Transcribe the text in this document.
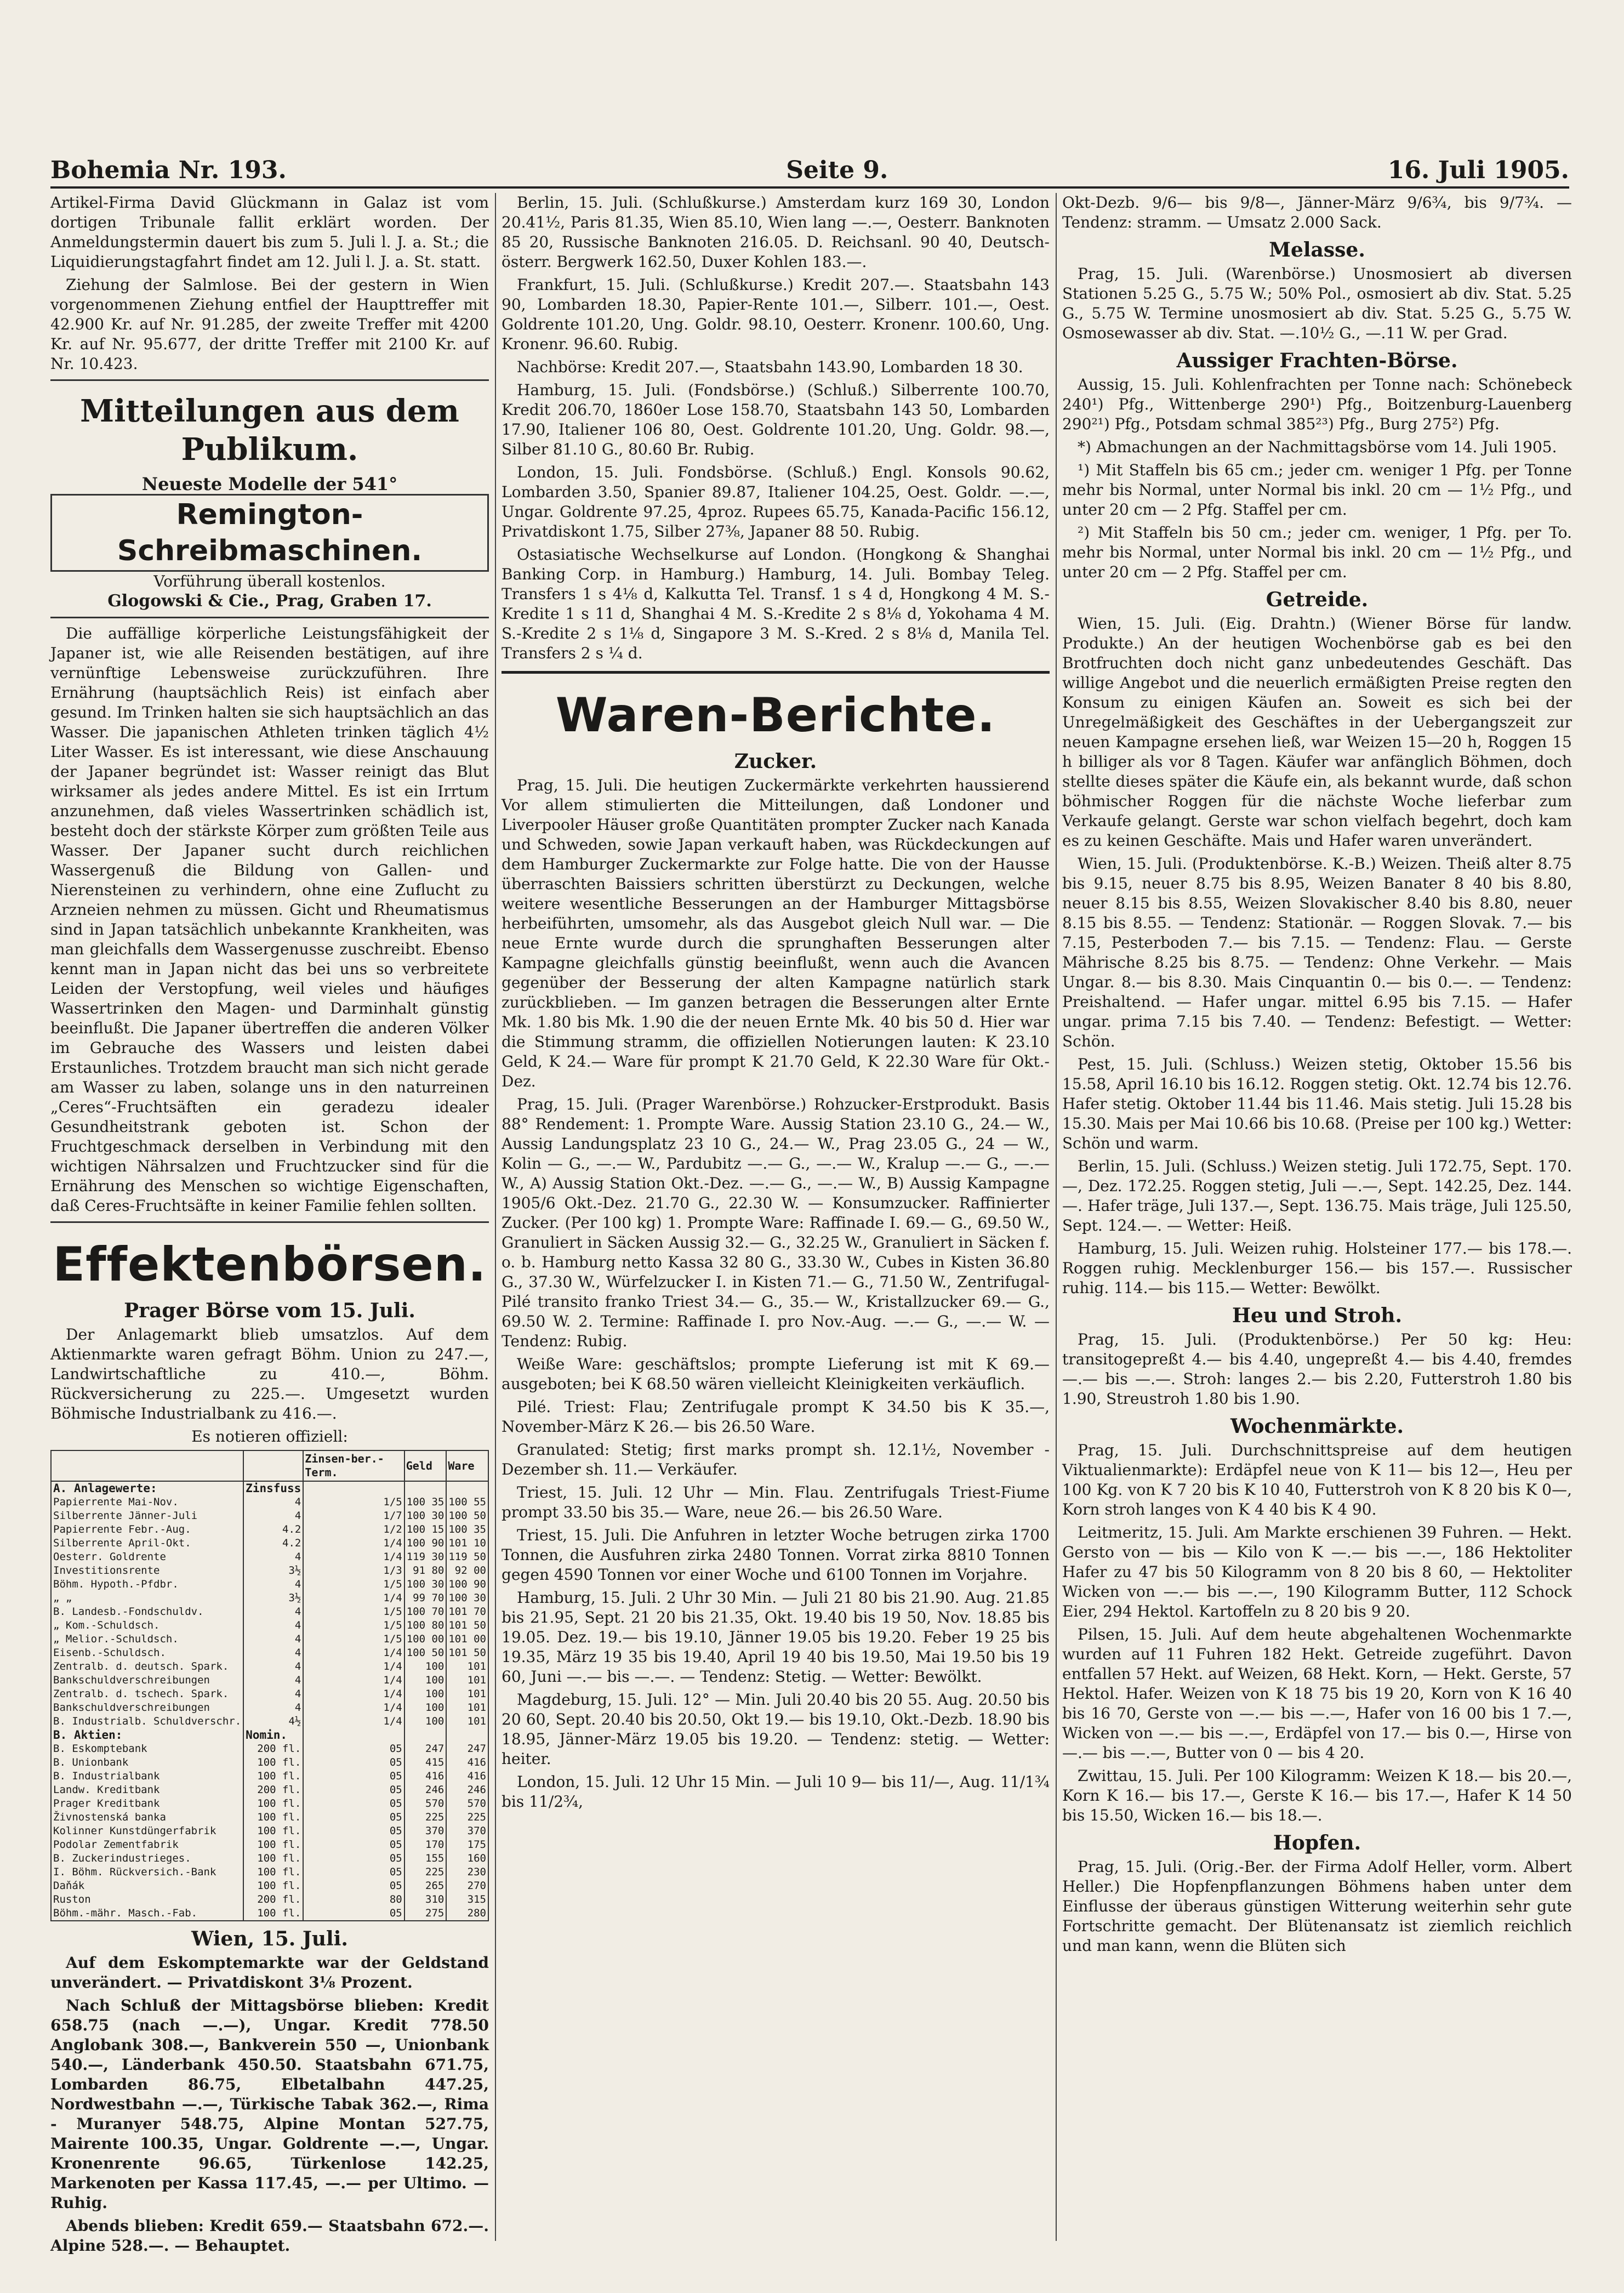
Bohemia Nr. 193.	Seite 9.	16. Juli 1905.

Artikel-Firma David Glückmann in Galaz ist vom dortigen Tribunale fallit erklärt worden. Der Anmeldungstermin dauert bis zum 5. Juli l. J. a. St.; die Liquidierungstagfahrt findet am 12. Juli l. J. a. St. statt.

Ziehung der Salmlose. Bei der gestern in Wien vorgenommenen Ziehung entfiel der Haupttreffer mit 42.900 Kr. auf Nr. 91.285, der zweite Treffer mit 4200 Kr. auf Nr. 95.677, der dritte Treffer mit 2100 Kr. auf Nr. 10.423.

Mitteilungen aus dem Publikum.
Neueste Modelle der 541°
Remington-Schreibmaschinen.
Vorführung überall kostenlos.
Glogowski & Cie., Prag, Graben 17.

Die auffällige körperliche Leistungsfähigkeit der Japaner ist, wie alle Reisenden bestätigen, auf ihre vernünftige Lebensweise zurückzuführen. Ihre Ernährung (hauptsächlich Reis) ist einfach aber gesund. Im Trinken halten sie sich hauptsächlich an das Wasser. Die japanischen Athleten trinken täglich 4½ Liter Wasser. Es ist interessant, wie diese Anschauung der Japaner begründet ist: Wasser reinigt das Blut wirksamer als jedes andere Mittel. Es ist ein Irrtum anzunehmen, daß vieles Wassertrinken schädlich ist, besteht doch der stärkste Körper zum größten Teile aus Wasser. Der Japaner sucht durch reichlichen Wassergenuß die Bildung von Gallen- und Nierensteinen zu verhindern, ohne eine Zuflucht zu Arzneien nehmen zu müssen. Gicht und Rheumatismus sind in Japan tatsächlich unbekannte Krankheiten, was man gleichfalls dem Wassergenusse zuschreibt. Ebenso kennt man in Japan nicht das bei uns so verbreitete Leiden der Verstopfung, weil vieles und häufiges Wassertrinken den Magen- und Darminhalt günstig beeinflußt. Die Japaner übertreffen die anderen Völker im Gebrauche des Wassers und leisten dabei Erstaunliches. Trotzdem braucht man sich nicht gerade am Wasser zu laben, solange uns in den naturreinen „Ceres“-Fruchtsäften ein geradezu idealer Gesundheitstrank geboten ist. Schon der Fruchtgeschmack derselben in Verbindung mit den wichtigen Nährsalzen und Fruchtzucker sind für die Ernährung des Menschen so wichtige Eigenschaften, daß Ceres-Fruchtsäfte in keiner Familie fehlen sollten.

Effektenbörsen.
Prager Börse vom 15. Juli.

Der Anlagemarkt blieb umsatzlos. Auf dem Aktienmarkte waren gefragt Böhm. Union zu 247.—, Landwirtschaftliche zu 410.—, Böhm. Rückversicherung zu 225.—. Umgesetzt wurden Böhmische Industrialbank zu 416.—.

Es notieren offiziell:
		Zinsen-ber.-Term.	Geld	Ware
A. Anlagewerte:	Zinsfuss			
Papierrente Mai-Nov.	4	1/5	100 35	100 55
Silberrente Jänner-Juli	4	1/7	100 30	100 50
Papierrente Febr.-Aug.	4.2	1/2	100 15	100 35
Silberrente April-Okt.	4.2	1/4	100 90	101 10
Oesterr. Goldrente	4	1/4	119 30	119 50
Investitionsrente	3½	1/3	91 80	92 00
Böhm. Hypoth.-Pfdbr.	4	1/5	100 30	100 90
„ „	3½	1/4	99 70	100 30
B. Landesb.-Fondschuldv.	4	1/5	100 70	101 70
„ Kom.-Schuldsch.	4	1/5	100 80	101 50
„ Melior.-Schuldsch.	4	1/5	100 00	101 00
Eisenb.-Schuldsch.	4	1/4	100 50	101 50
Zentralb. d. deutsch. Spark.	4	1/4	100	101
Bankschuldverschreibungen	4	1/4	100	101
Zentralb. d. tschech. Spark.	4	1/4	100	101
Bankschuldverschreibungen	4	1/4	100	101
B. Industrialb. Schuldverschr.	4½	1/4	100	101
B. Aktien:	Nomin.			
B. Eskomptebank	200 fl.	05	247	247
B. Unionbank	100 fl.	05	415	416
B. Industrialbank	100 fl.	05	416	416
Landw. Kreditbank	200 fl.	05	246	246
Prager Kreditbank	100 fl.	05	570	570
Živnostenská banka	100 fl.	05	225	225
Kolinner Kunstdüngerfabrik	100 fl.	05	370	370
Podolar Zementfabrik	100 fl.	05	170	175
B. Zuckerindustrieges.	100 fl.	05	155	160
I. Böhm. Rückversich.-Bank	100 fl.	05	225	230
Daňák	100 fl.	05	265	270
Ruston	200 fl.	80	310	315
Böhm.-mähr. Masch.-Fab.	100 fl.	05	275	280
Wien, 15. Juli.

Auf dem Eskomptemarkte war der Geldstand unverändert. — Privatdiskont 3⅛ Prozent.

Nach Schluß der Mittagsbörse blieben: Kredit 658.75 (nach —.—), Ungar. Kredit 778.50 Anglobank 308.—, Bankverein 550 —, Unionbank 540.—, Länderbank 450.50. Staatsbahn 671.75, Lombarden 86.75, Elbetalbahn 447.25, Nordwestbahn —.—, Türkische Tabak 362.—, Rima - Muranyer 548.75, Alpine Montan 527.75, Mairente 100.35, Ungar. Goldrente —.—, Ungar. Kronenrente 96.65, Türkenlose 142.25, Markenoten per Kassa 117.45, —.— per Ultimo. — Ruhig.

Abends blieben: Kredit 659.— Staatsbahn 672.—. Alpine 528.—. — Behauptet.

Berlin, 15. Juli. (Schlußkurse.) Amsterdam kurz 169 30, London 20.41½, Paris 81.35, Wien 85.10, Wien lang —.—, Oesterr. Banknoten 85 20, Russische Banknoten 216.05. D. Reichsanl. 90 40, Deutsch-österr. Bergwerk 162.50, Duxer Kohlen 183.—.

Frankfurt, 15. Juli. (Schlußkurse.) Kredit 207.—. Staatsbahn 143 90, Lombarden 18.30, Papier-Rente 101.—, Silberr. 101.—, Oest. Goldrente 101.20, Ung. Goldr. 98.10, Oesterr. Kronenr. 100.60, Ung. Kronenr. 96.60. Rubig.

Nachbörse: Kredit 207.—, Staatsbahn 143.90, Lombarden 18 30.

Hamburg, 15. Juli. (Fondsbörse.) (Schluß.) Silberrente 100.70, Kredit 206.70, 1860er Lose 158.70, Staatsbahn 143 50, Lombarden 17.90, Italiener 106 80, Oest. Goldrente 101.20, Ung. Goldr. 98.—, Silber 81.10 G., 80.60 Br. Rubig.

London, 15. Juli. Fondsbörse. (Schluß.) Engl. Konsols 90.62, Lombarden 3.50, Spanier 89.87, Italiener 104.25, Oest. Goldr. —.—, Ungar. Goldrente 97.25, 4proz. Rupees 65.75, Kanada-Pacific 156.12, Privatdiskont 1.75, Silber 27⅜, Japaner 88 50. Rubig.

Ostasiatische Wechselkurse auf London. (Hongkong & Shanghai Banking Corp. in Hamburg.) Hamburg, 14. Juli. Bombay Teleg. Transfers 1 s 4⅛ d, Kalkutta Tel. Transf. 1 s 4 d, Hongkong 4 M. S.-Kredite 1 s 11 d, Shanghai 4 M. S.-Kredite 2 s 8⅛ d, Yokohama 4 M. S.-Kredite 2 s 1⅛ d, Singapore 3 M. S.-Kred. 2 s 8⅛ d, Manila Tel. Transfers 2 s ¼ d.

Waren-Berichte.
Zucker.

Prag, 15. Juli. Die heutigen Zuckermärkte verkehrten haussierend Vor allem stimulierten die Mitteilungen, daß Londoner und Liverpooler Häuser große Quantitäten prompter Zucker nach Kanada und Schweden, sowie Japan verkauft haben, was Rückdeckungen auf dem Hamburger Zuckermarkte zur Folge hatte. Die von der Hausse überraschten Baissiers schritten überstürzt zu Deckungen, welche weitere wesentliche Besserungen an der Hamburger Mittagsbörse herbeiführten, umsomehr, als das Ausgebot gleich Null war. — Die neue Ernte wurde durch die sprunghaften Besserungen alter Kampagne gleichfalls günstig beeinflußt, wenn auch die Avancen gegenüber der Besserung der alten Kampagne natürlich stark zurückblieben. — Im ganzen betragen die Besserungen alter Ernte Mk. 1.80 bis Mk. 1.90 die der neuen Ernte Mk. 40 bis 50 d. Hier war die Stimmung stramm, die offiziellen Notierungen lauten: K 23.10 Geld, K 24.— Ware für prompt K 21.70 Geld, K 22.30 Ware für Okt.-Dez.

Prag, 15. Juli. (Prager Warenbörse.) Rohzucker-Erstprodukt. Basis 88° Rendement: 1. Prompte Ware. Aussig Station 23.10 G., 24.— W., Aussig Landungsplatz 23 10 G., 24.— W., Prag 23.05 G., 24 — W., Kolin — G., —.— W., Pardubitz —.— G., —.— W., Kralup —.— G., —.— W., A) Aussig Station Okt.-Dez. —.— G., —.— W., B) Aussig Kampagne 1905/6 Okt.-Dez. 21.70 G., 22.30 W. — Konsumzucker. Raffinierter Zucker. (Per 100 kg) 1. Prompte Ware: Raffinade I. 69.— G., 69.50 W., Granuliert in Säcken Aussig 32.— G., 32.25 W., Granuliert in Säcken f. o. b. Hamburg netto Kassa 32 80 G., 33.30 W., Cubes in Kisten 36.80 G., 37.30 W., Würfelzucker I. in Kisten 71.— G., 71.50 W., Zentrifugal-Pilé transito franko Triest 34.— G., 35.— W., Kristallzucker 69.— G., 69.50 W. 2. Termine: Raffinade I. pro Nov.-Aug. —.— G., —.— W. — Tendenz: Rubig.

Weiße Ware: geschäftslos; prompte Lieferung ist mit K 69.— ausgeboten; bei K 68.50 wären vielleicht Kleinigkeiten verkäuflich.

Pilé. Triest: Flau; Zentrifugale prompt K 34.50 bis K 35.—, November-März K 26.— bis 26.50 Ware.

Granulated: Stetig; first marks prompt sh. 12.1½, November - Dezember sh. 11.— Verkäufer.

Triest, 15. Juli. 12 Uhr — Min. Flau. Zentrifugals Triest-Fiume prompt 33.50 bis 35.— Ware, neue 26.— bis 26.50 Ware.

Triest, 15. Juli. Die Anfuhren in letzter Woche betrugen zirka 1700 Tonnen, die Ausfuhren zirka 2480 Tonnen. Vorrat zirka 8810 Tonnen gegen 4590 Tonnen vor einer Woche und 6100 Tonnen im Vorjahre.

Hamburg, 15. Juli. 2 Uhr 30 Min. — Juli 21 80 bis 21.90. Aug. 21.85 bis 21.95, Sept. 21 20 bis 21.35, Okt. 19.40 bis 19 50, Nov. 18.85 bis 19.05. Dez. 19.— bis 19.10, Jänner 19.05 bis 19.20. Feber 19 25 bis 19.35, März 19 35 bis 19.40, April 19 40 bis 19.50, Mai 19.50 bis 19 60, Juni —.— bis —.—. — Tendenz: Stetig. — Wetter: Bewölkt.

Magdeburg, 15. Juli. 12° — Min. Juli 20.40 bis 20 55. Aug. 20.50 bis 20 60, Sept. 20.40 bis 20.50, Okt 19.— bis 19.10, Okt.-Dezb. 18.90 bis 18.95, Jänner-März 19.05 bis 19.20. — Tendenz: stetig. — Wetter: heiter.

London, 15. Juli. 12 Uhr 15 Min. — Juli 10 9— bis 11/—, Aug. 11/1¾ bis 11/2¾,

Okt-Dezb. 9/6— bis 9/8—, Jänner-März 9/6¾, bis 9/7¾. — Tendenz: stramm. — Umsatz 2.000 Sack.

Melasse.

Prag, 15. Juli. (Warenbörse.) Unosmosiert ab diversen Stationen 5.25 G., 5.75 W.; 50% Pol., osmosiert ab div. Stat. 5.25 G., 5.75 W. Termine unosmosiert ab div. Stat. 5.25 G., 5.75 W. Osmosewasser ab div. Stat. —.10½ G., —.11 W. per Grad.

Aussiger Frachten-Börse.

Aussig, 15. Juli. Kohlenfrachten per Tonne nach: Schönebeck 240¹) Pfg., Wittenberge 290¹) Pfg., Boitzenburg-Lauenberg 290²¹) Pfg., Potsdam schmal 385²³) Pfg., Burg 275²) Pfg.

*) Abmachungen an der Nachmittagsbörse vom 14. Juli 1905.

¹) Mit Staffeln bis 65 cm.; jeder cm. weniger 1 Pfg. per Tonne mehr bis Normal, unter Normal bis inkl. 20 cm — 1½ Pfg., und unter 20 cm — 2 Pfg. Staffel per cm.

²) Mit Staffeln bis 50 cm.; jeder cm. weniger, 1 Pfg. per To. mehr bis Normal, unter Normal bis inkl. 20 cm — 1½ Pfg., und unter 20 cm — 2 Pfg. Staffel per cm.

Getreide.

Wien, 15. Juli. (Eig. Drahtn.) (Wiener Börse für landw. Produkte.) An der heutigen Wochenbörse gab es bei den Brotfruchten doch nicht ganz unbedeutendes Geschäft. Das willige Angebot und die neuerlich ermäßigten Preise regten den Konsum zu einigen Käufen an. Soweit es sich bei der Unregelmäßigkeit des Geschäftes in der Uebergangszeit zur neuen Kampagne ersehen ließ, war Weizen 15—20 h, Roggen 15 h billiger als vor 8 Tagen. Käufer war anfänglich Böhmen, doch stellte dieses später die Käufe ein, als bekannt wurde, daß schon böhmischer Roggen für die nächste Woche lieferbar zum Verkaufe gelangt. Gerste war schon vielfach begehrt, doch kam es zu keinen Geschäfte. Mais und Hafer waren unverändert.

Wien, 15. Juli. (Produktenbörse. K.-B.) Weizen. Theiß alter 8.75 bis 9.15, neuer 8.75 bis 8.95, Weizen Banater 8 40 bis 8.80, neuer 8.15 bis 8.55, Weizen Slovakischer 8.40 bis 8.80, neuer 8.15 bis 8.55. — Tendenz: Stationär. — Roggen Slovak. 7.— bis 7.15, Pesterboden 7.— bis 7.15. — Tendenz: Flau. — Gerste Mährische 8.25 bis 8.75. — Tendenz: Ohne Verkehr. — Mais Ungar. 8.— bis 8.30. Mais Cinquantin 0.— bis 0.—. — Tendenz: Preishaltend. — Hafer ungar. mittel 6.95 bis 7.15. — Hafer ungar. prima 7.15 bis 7.40. — Tendenz: Befestigt. — Wetter: Schön.

Pest, 15. Juli. (Schluss.) Weizen stetig, Oktober 15.56 bis 15.58, April 16.10 bis 16.12. Roggen stetig. Okt. 12.74 bis 12.76. Hafer stetig. Oktober 11.44 bis 11.46. Mais stetig. Juli 15.28 bis 15.30. Mais per Mai 10.66 bis 10.68. (Preise per 100 kg.) Wetter: Schön und warm.

Berlin, 15. Juli. (Schluss.) Weizen stetig. Juli 172.75, Sept. 170.—, Dez. 172.25. Roggen stetig, Juli —.—, Sept. 142.25, Dez. 144.—. Hafer träge, Juli 137.—, Sept. 136.75. Mais träge, Juli 125.50, Sept. 124.—. — Wetter: Heiß.

Hamburg, 15. Juli. Weizen ruhig. Holsteiner 177.— bis 178.—. Roggen ruhig. Mecklenburger 156.— bis 157.—. Russischer ruhig. 114.— bis 115.— Wetter: Bewölkt.

Heu und Stroh.

Prag, 15. Juli. (Produktenbörse.) Per 50 kg: Heu: transitogepreßt 4.— bis 4.40, ungepreßt 4.— bis 4.40, fremdes —.— bis —.—. Stroh: langes 2.— bis 2.20, Futterstroh 1.80 bis 1.90, Streustroh 1.80 bis 1.90.

Wochenmärkte.

Prag, 15. Juli. Durchschnittspreise auf dem heutigen Viktualienmarkte): Erdäpfel neue von K 11— bis 12—, Heu per 100 Kg. von K 7 20 bis K 10 40, Futterstroh von K 8 20 bis K 0—, Korn stroh langes von K 4 40 bis K 4 90.

Leitmeritz, 15. Juli. Am Markte erschienen 39 Fuhren. — Hekt. Gersto von — bis — Kilo von K —.— bis —.—, 186 Hektoliter Hafer zu 47 bis 50 Kilogramm von 8 20 bis 8 60, — Hektoliter Wicken von —.— bis —.—, 190 Kilogramm Butter, 112 Schock Eier, 294 Hektol. Kartoffeln zu 8 20 bis 9 20.

Pilsen, 15. Juli. Auf dem heute abgehaltenen Wochenmarkte wurden auf 11 Fuhren 182 Hekt. Getreide zugeführt. Davon entfallen 57 Hekt. auf Weizen, 68 Hekt. Korn, — Hekt. Gerste, 57 Hektol. Hafer. Weizen von K 18 75 bis 19 20, Korn von K 16 40 bis 16 70, Gerste von —.— bis —.—, Hafer von 16 00 bis 1 7.—, Wicken von —.— bis —.—, Erdäpfel von 17.— bis 0.—, Hirse von —.— bis —.—, Butter von 0 — bis 4 20.

Zwittau, 15. Juli. Per 100 Kilogramm: Weizen K 18.— bis 20.—, Korn K 16.— bis 17.—, Gerste K 16.— bis 17.—, Hafer K 14 50 bis 15.50, Wicken 16.— bis 18.—.

Hopfen.

Prag, 15. Juli. (Orig.-Ber. der Firma Adolf Heller, vorm. Albert Heller.) Die Hopfenpflanzungen Böhmens haben unter dem Einflusse der überaus günstigen Witterung weiterhin sehr gute Fortschritte gemacht. Der Blütenansatz ist ziemlich reichlich und man kann, wenn die Blüten sich
